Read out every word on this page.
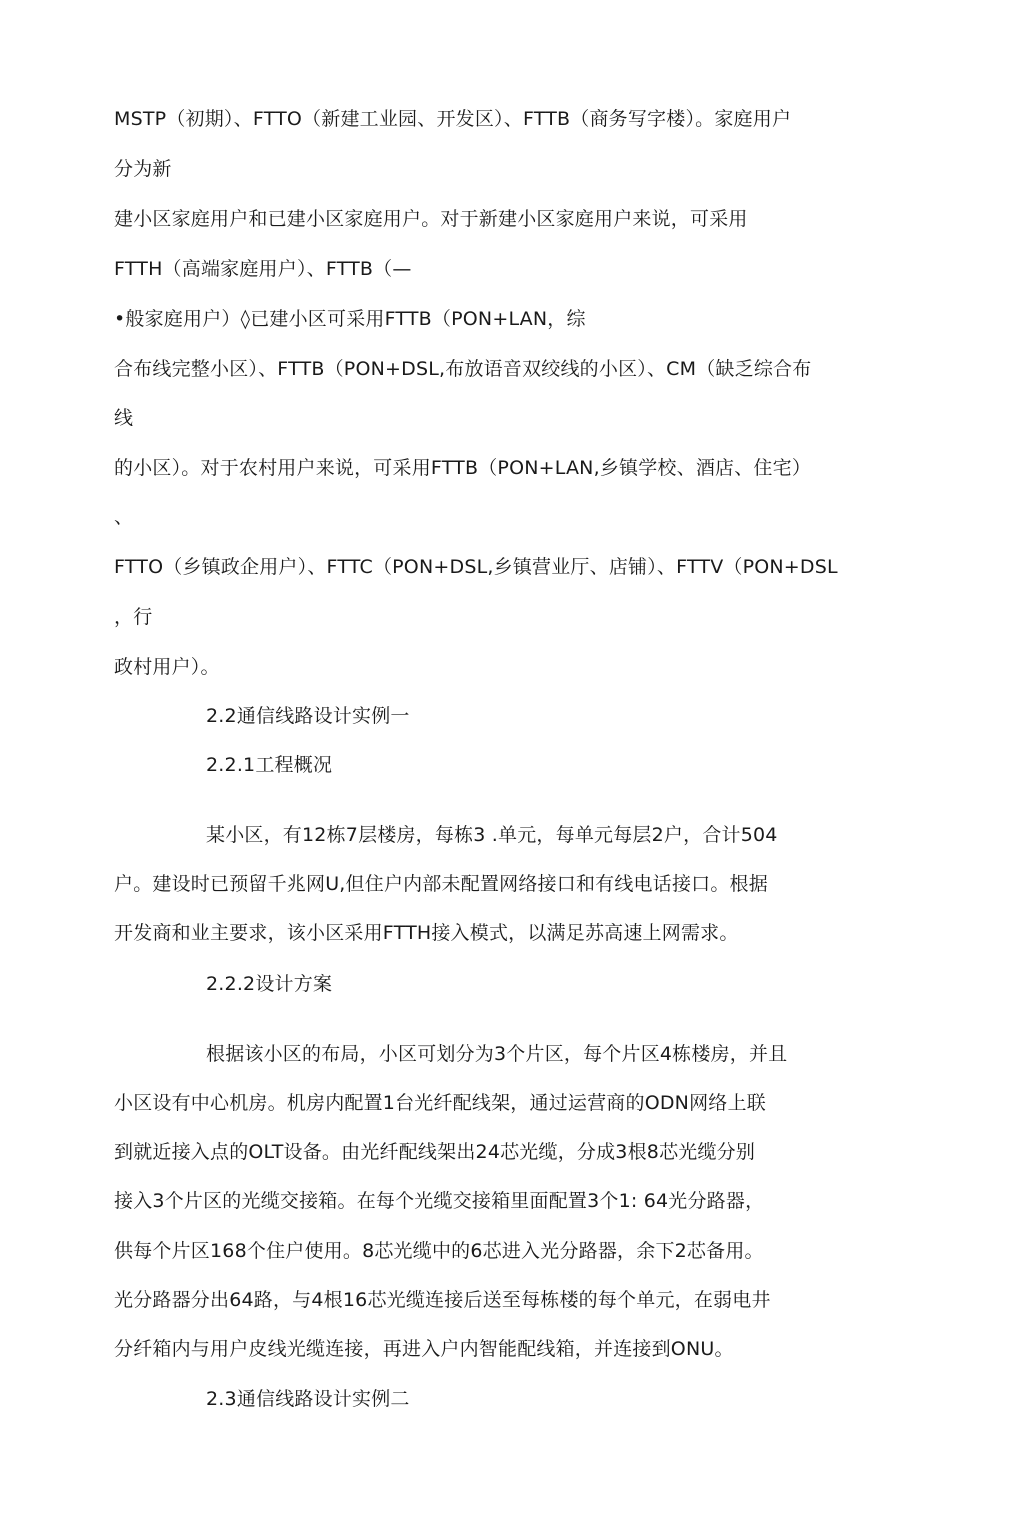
MSTP（初期）、FTTO（新建工业园、开发区）、FTTB（商务写字楼）。家庭用户
分为新
建小区家庭用户和已建小区家庭用户。对于新建小区家庭用户来说，可采用
FTTH（高端家庭用户）、FTTB（—
•般家庭用户）◊已建小区可采用FTTB（PON+LAN，综
合布线完整小区）、FTTB（PON+DSL,布放语音双绞线的小区）、CM（缺乏综合布
线
的小区）。对于农村用户来说，可采用FTTB（PON+LAN,乡镇学校、酒店、住宅）
、
FTTO（乡镇政企用户）、FTTC（PON+DSL,乡镇营业厅、店铺）、FTTV（PON+DSL
，行
政村用户）。
2.2通信线路设计实例一
2.2.1工程概况
某小区，有12栋7层楼房，每栋3 .单元，每单元每层2户，合计504
户。建设时已预留千兆网U,但住户内部未配置网络接口和有线电话接口。根据
开发商和业主要求，该小区采用FTTH接入模式，以满足苏高速上网需求。
2.2.2设计方案
根据该小区的布局，小区可划分为3个片区，每个片区4栋楼房，并且
小区设有中心机房。机房内配置1台光纤配线架，通过运营商的ODN网络上联
到就近接入点的OLT设备。由光纤配线架出24芯光缆，分成3根8芯光缆分别
接入3个片区的光缆交接箱。在每个光缆交接箱里面配置3个1: 64光分路器，
供每个片区168个住户使用。8芯光缆中的6芯进入光分路器，余下2芯备用。
光分路器分出64路，与4根16芯光缆连接后送至每栋楼的每个单元，在弱电井
分纤箱内与用户皮线光缆连接，再进入户内智能配线箱，并连接到ONU。
2.3通信线路设计实例二
